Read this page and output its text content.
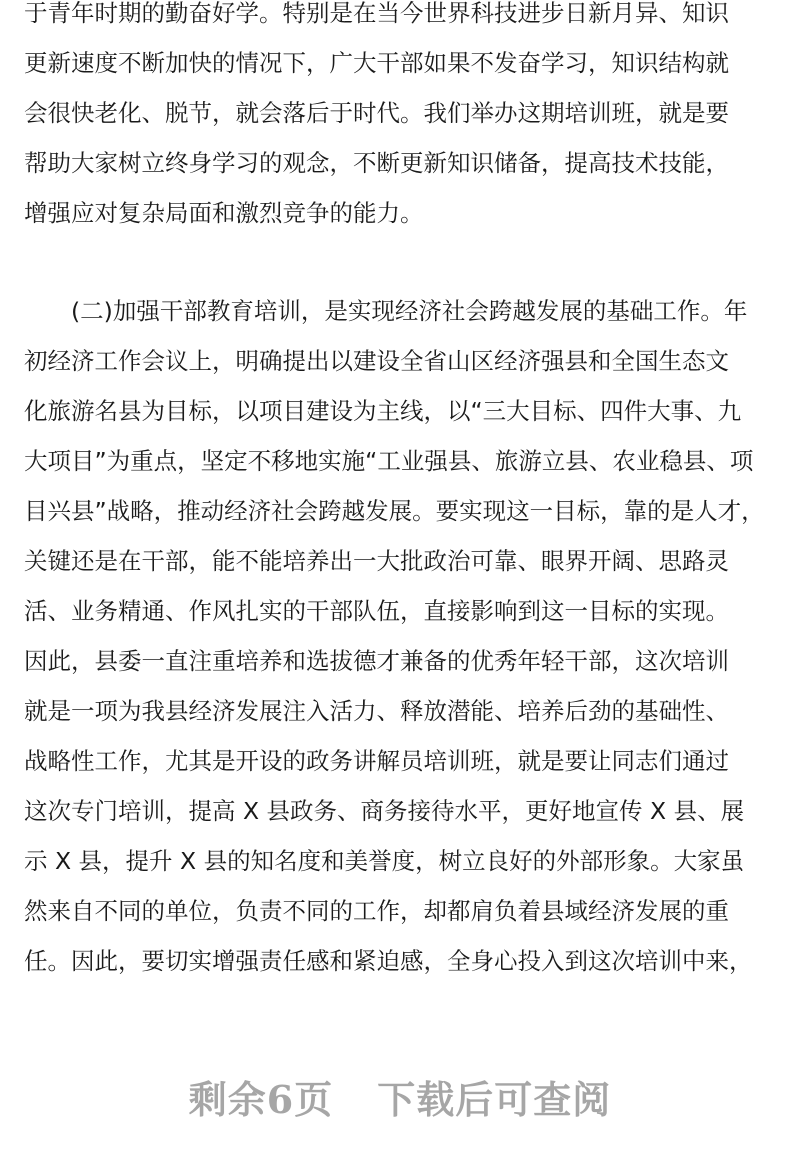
于青年时期的勤奋好学。特别是在当今世界科技进步日新月异、知识

更新速度不断加快的情况下，广大干部如果不发奋学习，知识结构就

会很快老化、脱节，就会落后于时代。我们举办这期培训班，就是要

帮助大家树立终身学习的观念，不断更新知识储备，提高技术技能，

增强应对复杂局面和激烈竞争的能力。

(二)加强干部教育培训，是实现经济社会跨越发展的基础工作。年

初经济工作会议上，明确提出以建设全省山区经济强县和全国生态文

化旅游名县为目标，以项目建设为主线，以“三大目标、四件大事、九

大项目”为重点，坚定不移地实施“工业强县、旅游立县、农业稳县、项

目兴县”战略，推动经济社会跨越发展。要实现这一目标，靠的是人才，

关键还是在干部，能不能培养出一大批政治可靠、眼界开阔、思路灵

活、业务精通、作风扎实的干部队伍，直接影响到这一目标的实现。

因此，县委一直注重培养和选拔德才兼备的优秀年轻干部，这次培训

就是一项为我县经济发展注入活力、释放潜能、培养后劲的基础性、

战略性工作，尤其是开设的政务讲解员培训班，就是要让同志们通过

这次专门培训，提高 X 县政务、商务接待水平，更好地宣传 X 县、展

示 X 县，提升 X 县的知名度和美誉度，树立良好的外部形象。大家虽

然来自不同的单位，负责不同的工作，却都肩负着县域经济发展的重

任。因此，要切实增强责任感和紧迫感，全身心投入到这次培训中来，

剩余6页 下载后可查阅
